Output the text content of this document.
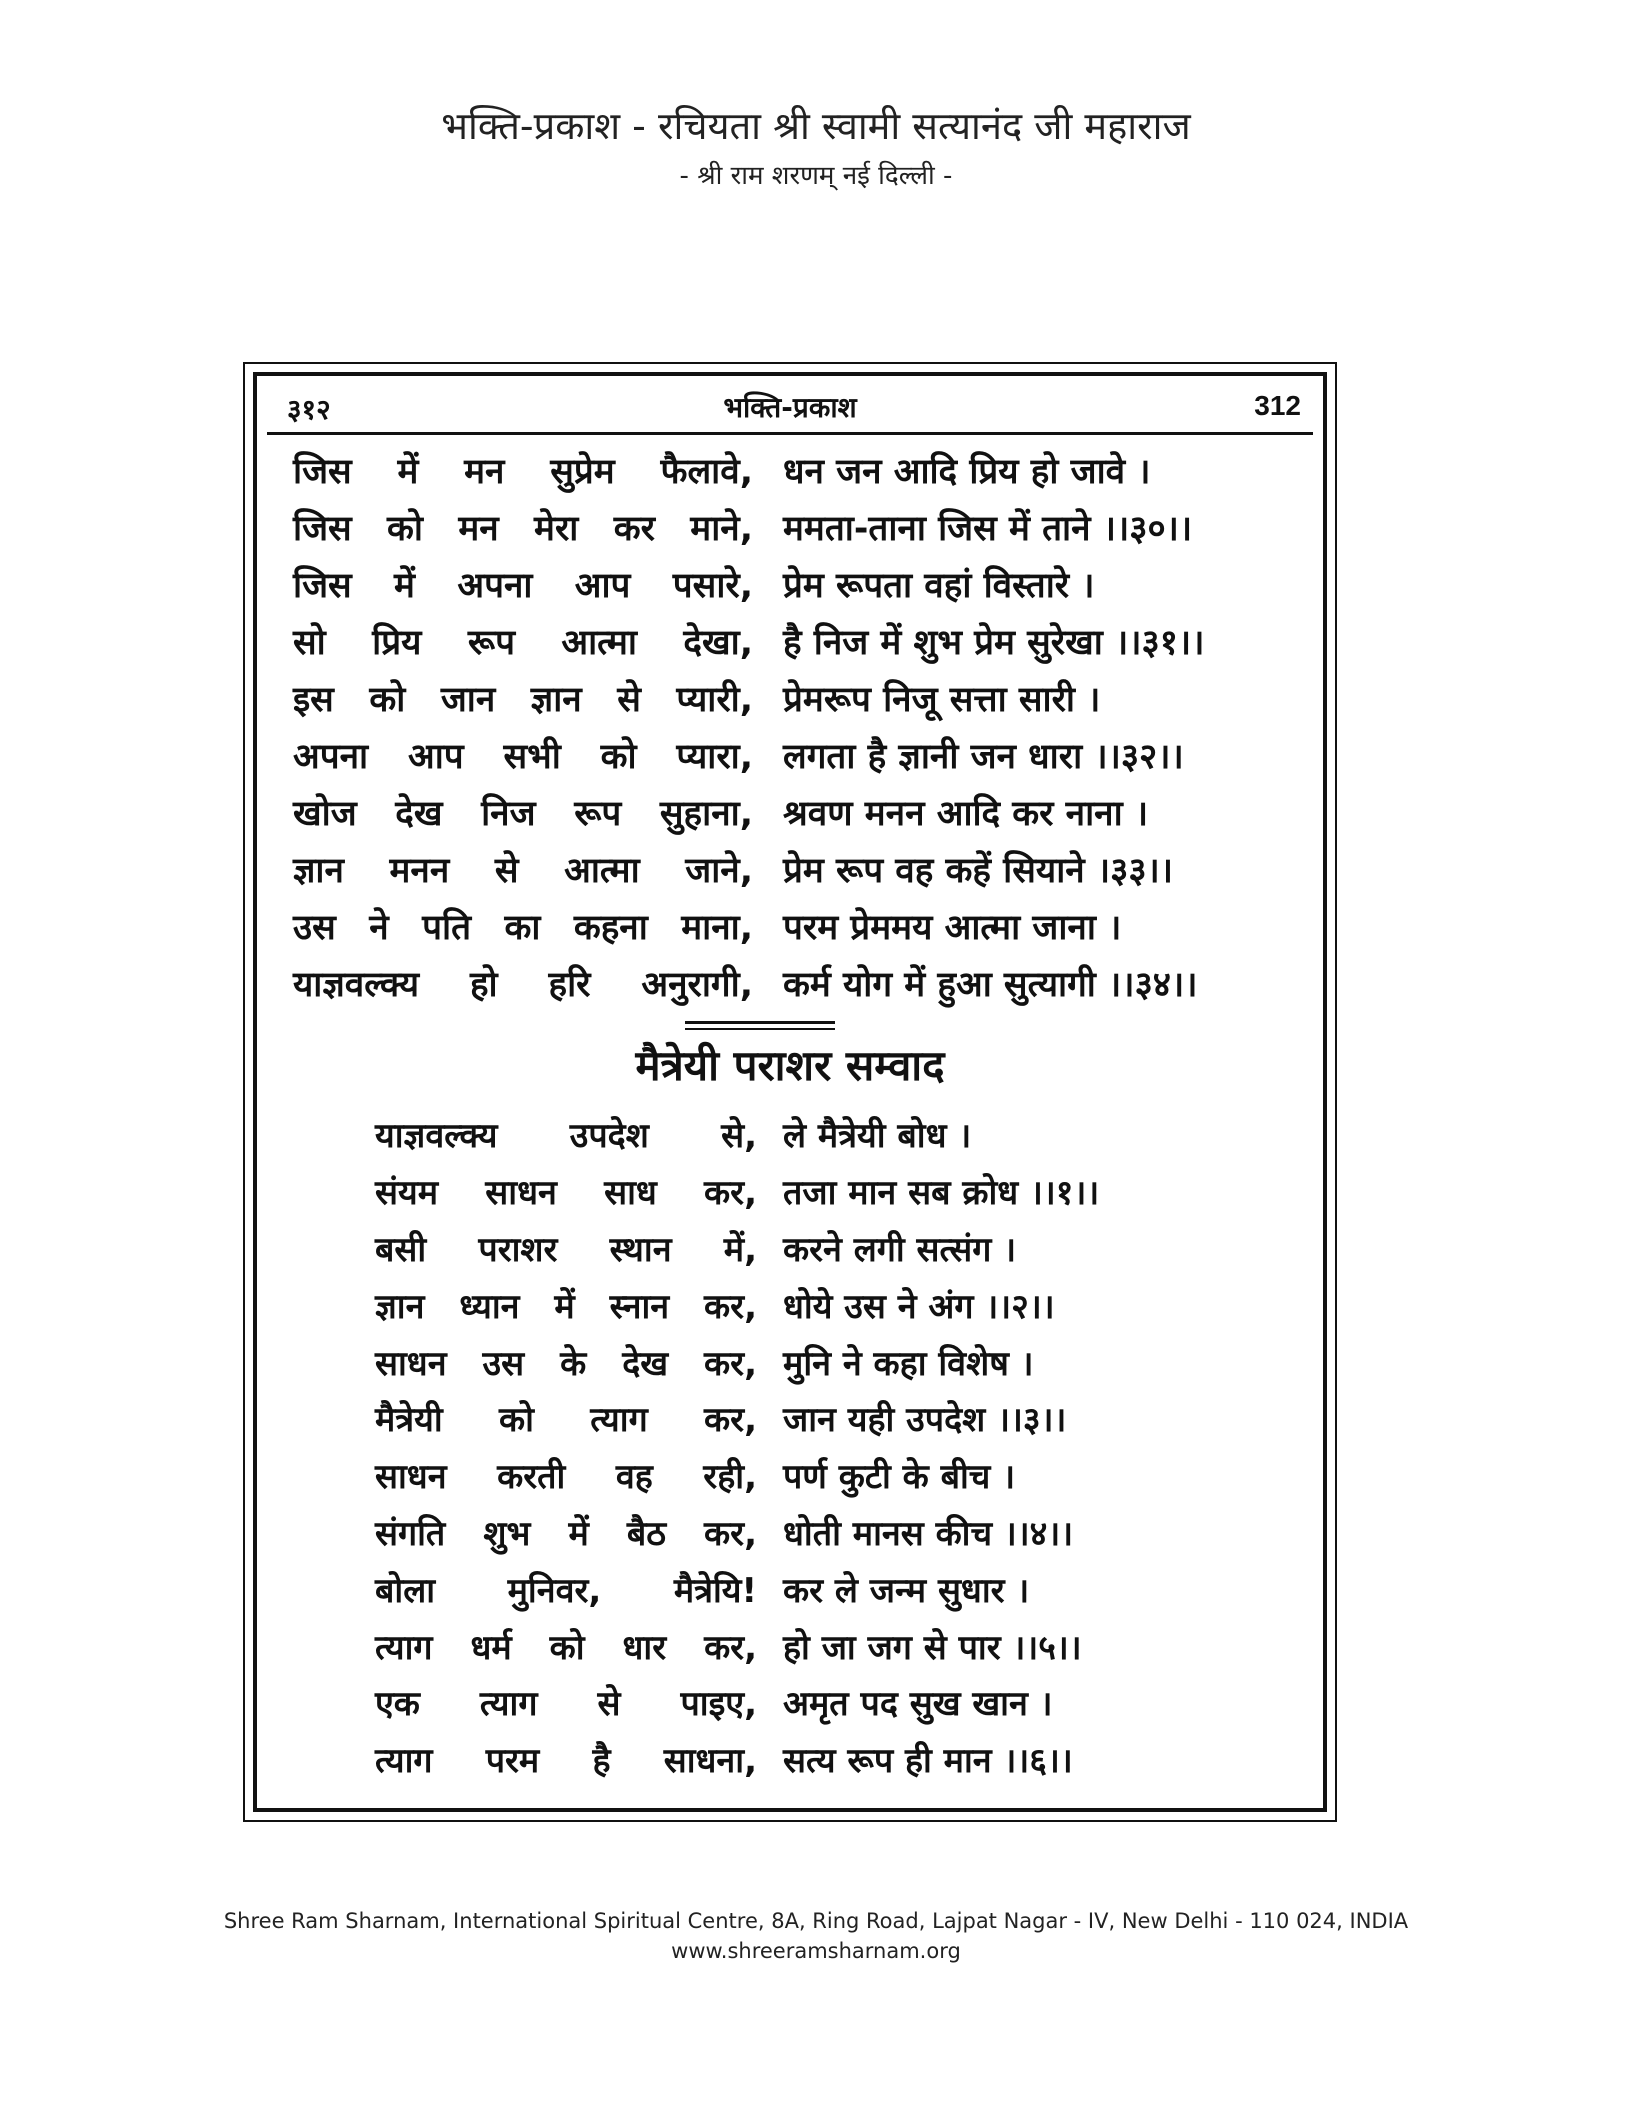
भक्ति-प्रकाश - रचियता श्री स्वामी सत्यानंद जी महाराज
- श्री राम शरणम् नई दिल्ली -
३१२	भक्ति-प्रकाश	312
जिस में मन सुप्रेम फैलावे, धन जन आदि प्रिय हो जावे ।
जिस को मन मेरा कर माने, ममता-ताना जिस में ताने ।।३०।।
जिस में अपना आप पसारे, प्रेम रूपता वहां विस्तारे ।
सो प्रिय रूप आत्मा देखा, है निज में शुभ प्रेम सुरेखा ।।३१।।
इस को जान ज्ञान से प्यारी, प्रेमरूप निजू सत्ता सारी ।
अपना आप सभी को प्यारा, लगता है ज्ञानी जन धारा ।।३२।।
खोज देख निज रूप सुहाना, श्रवण मनन आदि कर नाना ।
ज्ञान मनन से आत्मा जाने, प्रेम रूप वह कहें सियाने ।३३।।
उस ने पति का कहना माना, परम प्रेममय आत्मा जाना ।
याज्ञवल्क्य हो हरि अनुरागी, कर्म योग में हुआ सुत्यागी ।।३४।।
मैत्रेयी पराशर सम्वाद
याज्ञवल्क्य उपदेश से, ले मैत्रेयी बोध ।
संयम साधन साध कर, तजा मान सब क्रोध ।।१।।
बसी पराशर स्थान में, करने लगी सत्संग ।
ज्ञान ध्यान में स्नान कर, धोये उस ने अंग ।।२।।
साधन उस के देख कर, मुनि ने कहा विशेष ।
मैत्रेयी को त्याग कर, जान यही उपदेश ।।३।।
साधन करती वह रही, पर्ण कुटी के बीच ।
संगति शुभ में बैठ कर, धोती मानस कीच ।।४।।
बोला मुनिवर, मैत्रेयि! कर ले जन्म सुधार ।
त्याग धर्म को धार कर, हो जा जग से पार ।।५।।
एक त्याग से पाइए, अमृत पद सुख खान ।
त्याग परम है साधना, सत्य रूप ही मान ।।६।।
Shree Ram Sharnam, International Spiritual Centre, 8A, Ring Road, Lajpat Nagar - IV, New Delhi - 110 024, INDIA
www.shreeramsharnam.org
